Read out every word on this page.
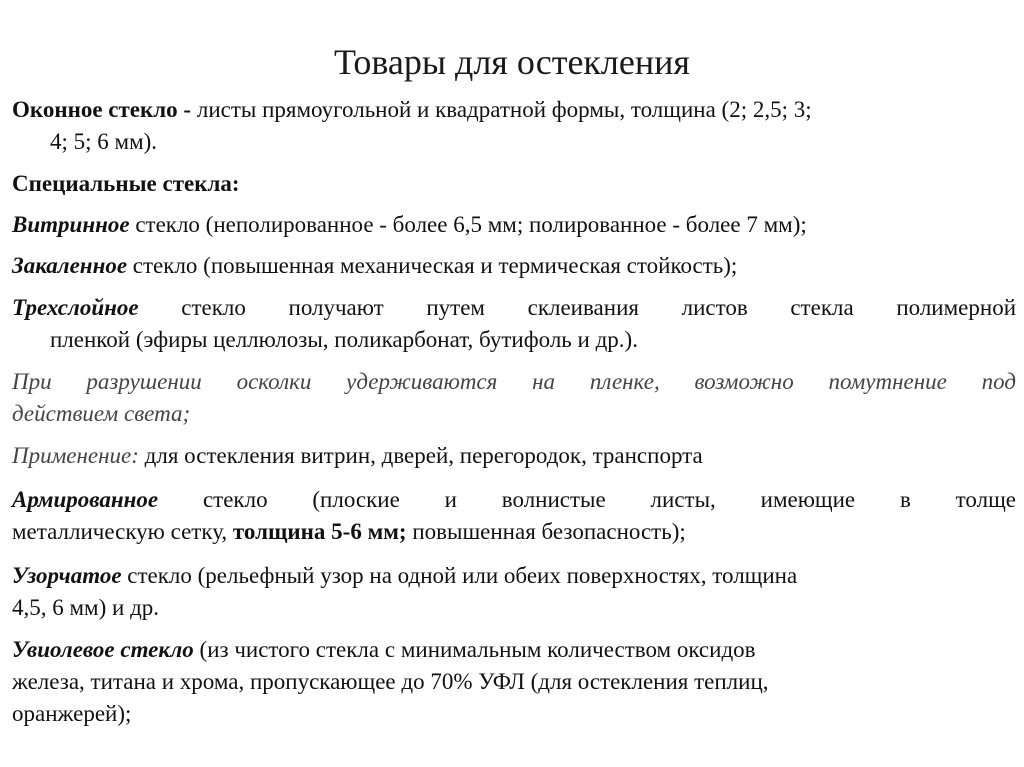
Товары для остекления
Оконное стекло - листы прямоугольной и квадратной формы, толщина (2; 2,5; 3;
4; 5; 6 мм).
Специальные стекла:
Витринное стекло (неполированное - более 6,5 мм; полированное - более 7 мм);
Закаленное стекло (повышенная механическая и термическая стойкость);
Трехслойное стекло получают путем склеивания листов стекла полимерной
пленкой (эфиры целлюлозы, поликарбонат, бутифоль и др.).
При разрушении осколки удерживаются на пленке, возможно помутнение под
действием света;
Применение: для остекления витрин, дверей, перегородок, транспорта
Армированное стекло (плоские и волнистые листы, имеющие в толще
металлическую сетку, толщина 5-6 мм; повышенная безопасность);
Узорчатое стекло (рельефный узор на одной или обеих поверхностях, толщина
4,5, 6 мм) и др.
Увиолевое стекло (из чистого стекла с минимальным количеством оксидов
железа, титана и хрома, пропускающее до 70% УФЛ (для остекления теплиц,
оранжерей);
